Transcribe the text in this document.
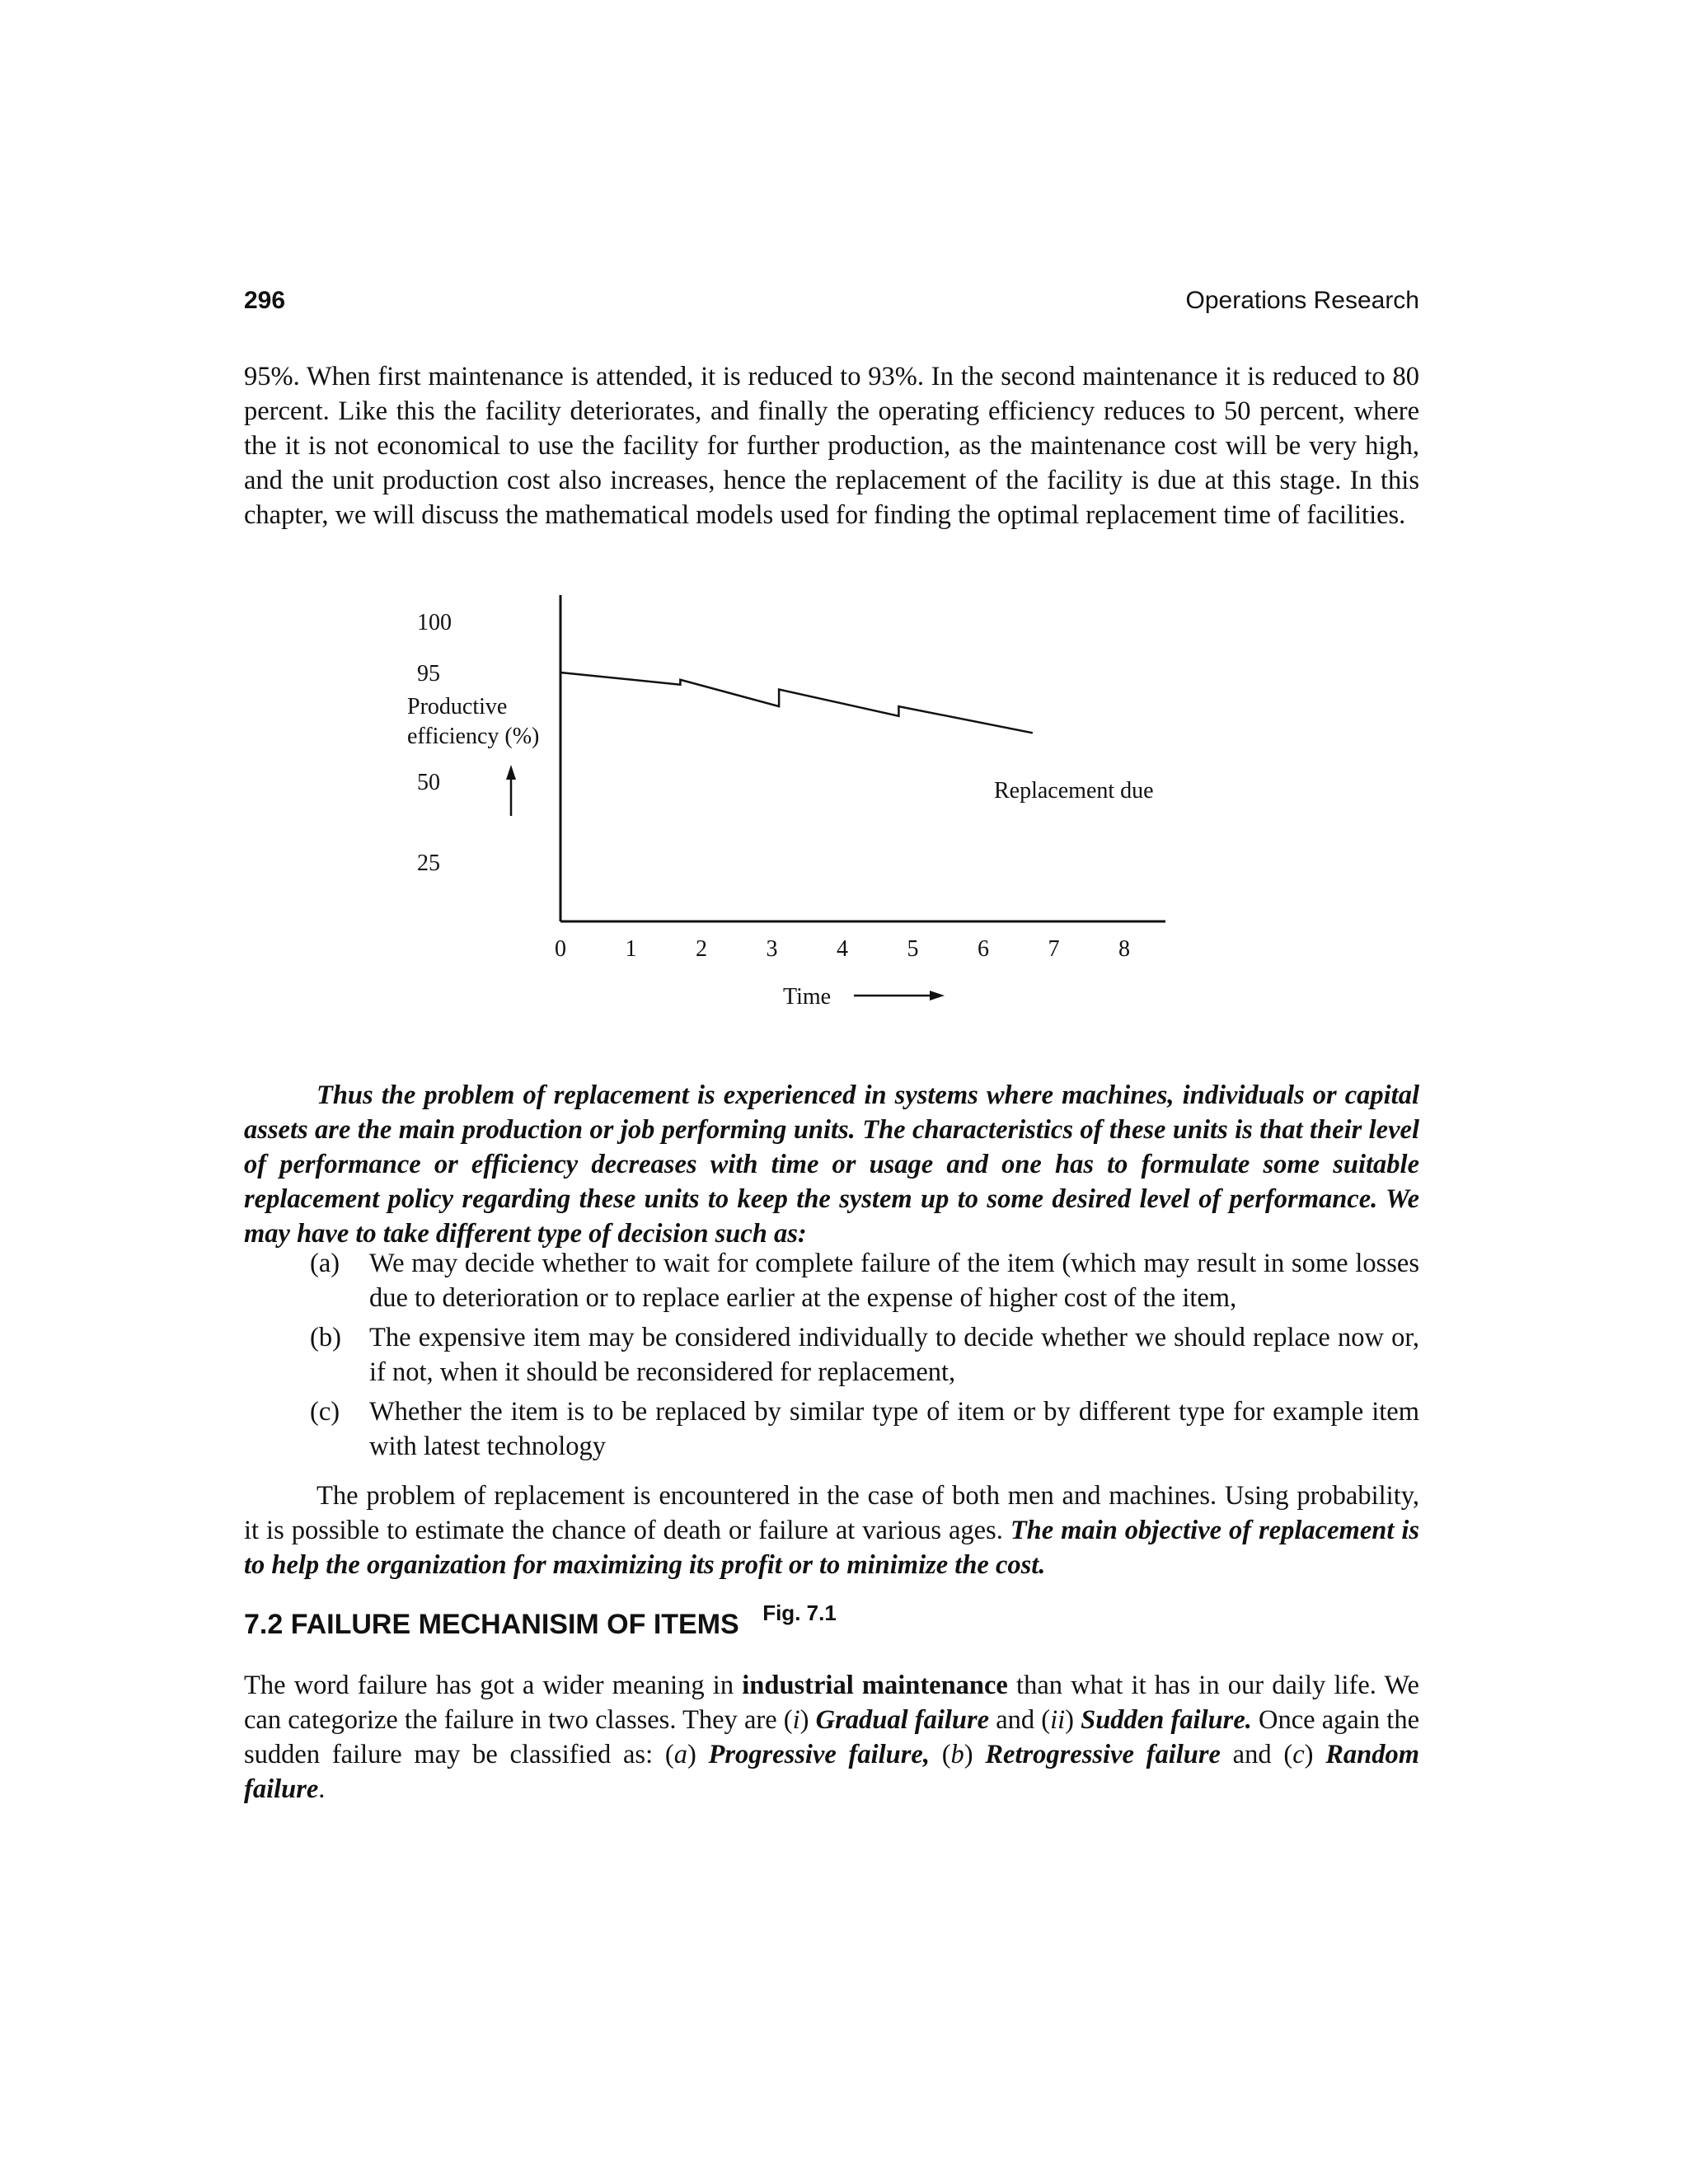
296	Operations Research
95%. When first maintenance is attended, it is reduced to 93%. In the second maintenance it is reduced to 80 percent. Like this the facility deteriorates, and finally the operating efficiency reduces to 50 percent, where the it is not economical to use the facility for further production, as the maintenance cost will be very high, and the unit production cost also increases, hence the replacement of the facility is due at this stage. In this chapter, we will discuss the mathematical models used for finding the optimal replacement time of facilities.
100
95
50
25
Productive
efficiency (%)
0	1	2	3	4	5	6	7	8
Replacement due
Time
Fig. 7.1
Thus the problem of replacement is experienced in systems where machines, individuals or capital assets are the main production or job performing units. The characteristics of these units is that their level of performance or efficiency decreases with time or usage and one has to formulate some suitable replacement policy regarding these units to keep the system up to some desired level of performance. We may have to take different type of decision such as:
(a) We may decide whether to wait for complete failure of the item (which may result in some losses due to deterioration or to replace earlier at the expense of higher cost of the item,
(b) The expensive item may be considered individually to decide whether we should replace now or, if not, when it should be reconsidered for replacement,
(c) Whether the item is to be replaced by similar type of item or by different type for example item with latest technology
The problem of replacement is encountered in the case of both men and machines. Using probability, it is possible to estimate the chance of death or failure at various ages. The main objective of replacement is to help the organization for maximizing its profit or to minimize the cost.
7.2 FAILURE MECHANISIM OF ITEMS
The word failure has got a wider meaning in industrial maintenance than what it has in our daily life. We can categorize the failure in two classes. They are (i) Gradual failure and (ii) Sudden failure. Once again the sudden failure may be classified as: (a) Progressive failure, (b) Retrogressive failure and (c) Random failure.
